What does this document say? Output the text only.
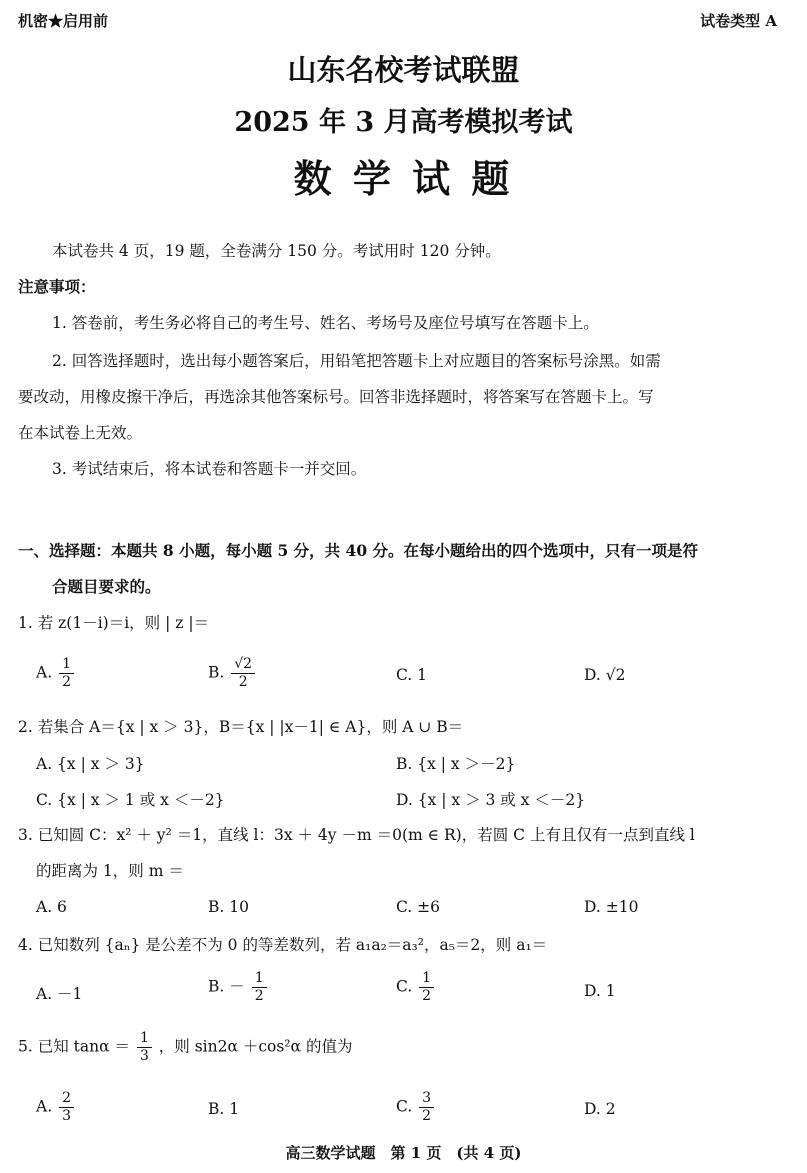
机密★启用前	试卷类型 A
山东名校考试联盟
2025 年 3 月高考模拟考试
数 学 试 题
本试卷共 4 页，19 题，全卷满分 150 分。考试用时 120 分钟。
注意事项：
1. 答卷前，考生务必将自己的考生号、姓名、考场号及座位号填写在答题卡上。
2. 回答选择题时，选出每小题答案后，用铅笔把答题卡上对应题目的答案标号涂黑。如需
要改动，用橡皮擦干净后，再选涂其他答案标号。回答非选择题时，将答案写在答题卡上。写
在本试卷上无效。
3. 考试结束后，将本试卷和答题卡一并交回。
一、选择题：本题共 8 小题，每小题 5 分，共 40 分。在每小题给出的四个选项中，只有一项是符
合题目要求的。
1. 若 z(1－i)＝i，则 | z |＝
A. $\frac{1}{2}$	B. $\frac{√2}{2}$	C. 1	D. √2
2. 若集合 A＝{x | x ＞ 3}，B＝{x | |x－1| ∈ A}，则 A ∪ B＝
A. {x | x ＞ 3}	B. {x | x ＞－2}
C. {x | x ＞ 1 或 x ＜－2}	D. {x | x ＞ 3 或 x ＜－2}
3. 已知圆 C：x² ＋ y² ＝1，直线 l：3x ＋ 4y －m ＝0(m ∈ R)，若圆 C 上有且仅有一点到直线 l
的距离为 1，则 m ＝
A. 6	B. 10	C. ±6	D. ±10
4. 已知数列 {aₙ} 是公差不为 0 的等差数列，若 a₁a₂＝a₃²，a₅＝2，则 a₁＝
A. －1	B. － $\frac{1}{2}$	C. $\frac{1}{2}$	D. 1
5. 已知 $\tan\alpha = \frac{1}{3}$ ，则 sin2α ＋cos²α 的值为
A. $\frac{2}{3}$	B. 1	C. $\frac{3}{2}$	D. 2
高三数学试题　第 1 页　(共 4 页)
